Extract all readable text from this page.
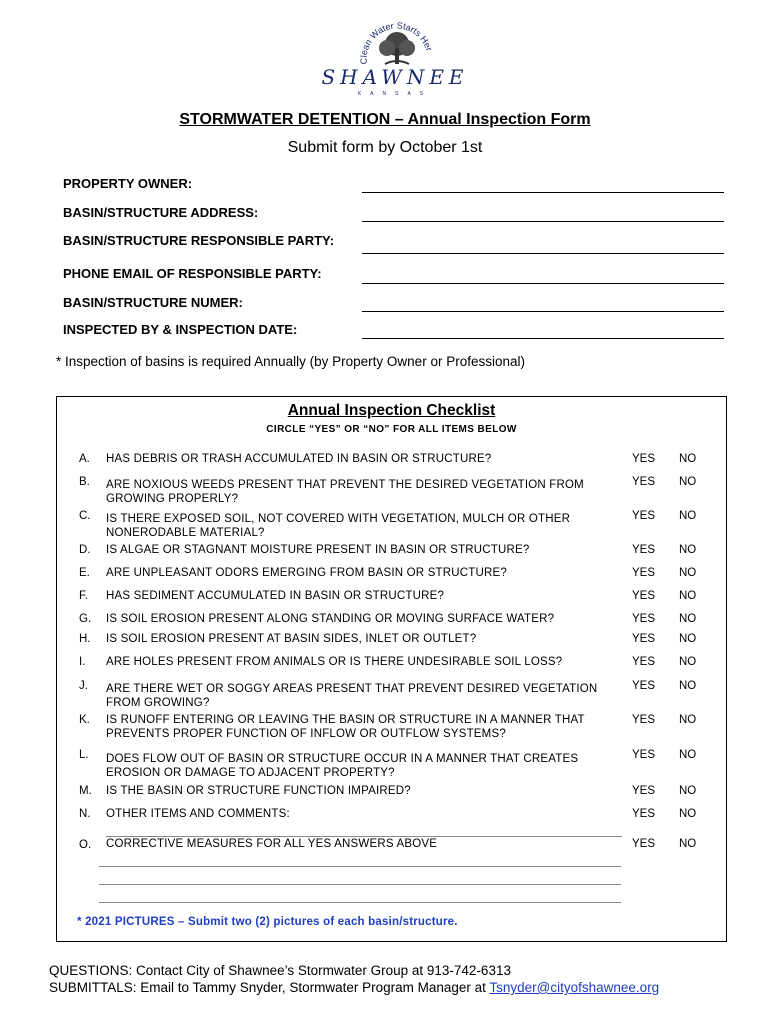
Clean Water Starts Her
SHAWNEE
KANSAS
STORMWATER DETENTION – Annual Inspection Form
Submit form by October 1st
PROPERTY OWNER:
BASIN/STRUCTURE ADDRESS:
BASIN/STRUCTURE RESPONSIBLE PARTY:
PHONE EMAIL OF RESPONSIBLE PARTY:
BASIN/STRUCTURE NUMER:
INSPECTED BY & INSPECTION DATE:
* Inspection of basins is required Annually (by Property Owner or Professional)
Annual Inspection Checklist
CIRCLE “YES” OR “NO” FOR ALL ITEMS BELOW
A. HAS DEBRIS OR TRASH ACCUMULATED IN BASIN OR STRUCTURE?	YES NO
B. ARE NOXIOUS WEEDS PRESENT THAT PREVENT THE DESIRED VEGETATION FROM GROWING PROPERLY?
YES NO
C. IS THERE EXPOSED SOIL, NOT COVERED WITH VEGETATION, MULCH OR OTHER NONERODABLE MATERIAL?
YES NO
D. IS ALGAE OR STAGNANT MOISTURE PRESENT IN BASIN OR STRUCTURE?	YES NO
E. ARE UNPLEASANT ODORS EMERGING FROM BASIN OR STRUCTURE?	YES NO
F. HAS SEDIMENT ACCUMULATED IN BASIN OR STRUCTURE?	YES NO
G. IS SOIL EROSION PRESENT ALONG STANDING OR MOVING SURFACE WATER?	YES NO
H. IS SOIL EROSION PRESENT AT BASIN SIDES, INLET OR OUTLET?	YES NO
I. ARE HOLES PRESENT FROM ANIMALS OR IS THERE UNDESIRABLE SOIL LOSS?	YES NO
J. ARE THERE WET OR SOGGY AREAS PRESENT THAT PREVENT DESIRED VEGETATION FROM GROWING?
YES NO
K. IS RUNOFF ENTERING OR LEAVING THE BASIN OR STRUCTURE IN A MANNER THAT PREVENTS PROPER FUNCTION OF INFLOW OR OUTFLOW SYSTEMS?
YES NO
L. DOES FLOW OUT OF BASIN OR STRUCTURE OCCUR IN A MANNER THAT CREATES EROSION OR DAMAGE TO ADJACENT PROPERTY?
YES NO
M. IS THE BASIN OR STRUCTURE FUNCTION IMPAIRED?	YES NO
N. OTHER ITEMS AND COMMENTS:	YES NO
O. CORRECTIVE MEASURES FOR ALL YES ANSWERS ABOVE	YES NO
* 2021 PICTURES – Submit two (2) pictures of each basin/structure.
QUESTIONS: Contact City of Shawnee’s Stormwater Group at 913-742-6313
SUBMITTALS: Email to Tammy Snyder, Stormwater Program Manager at Tsnyder@cityofshawnee.org
